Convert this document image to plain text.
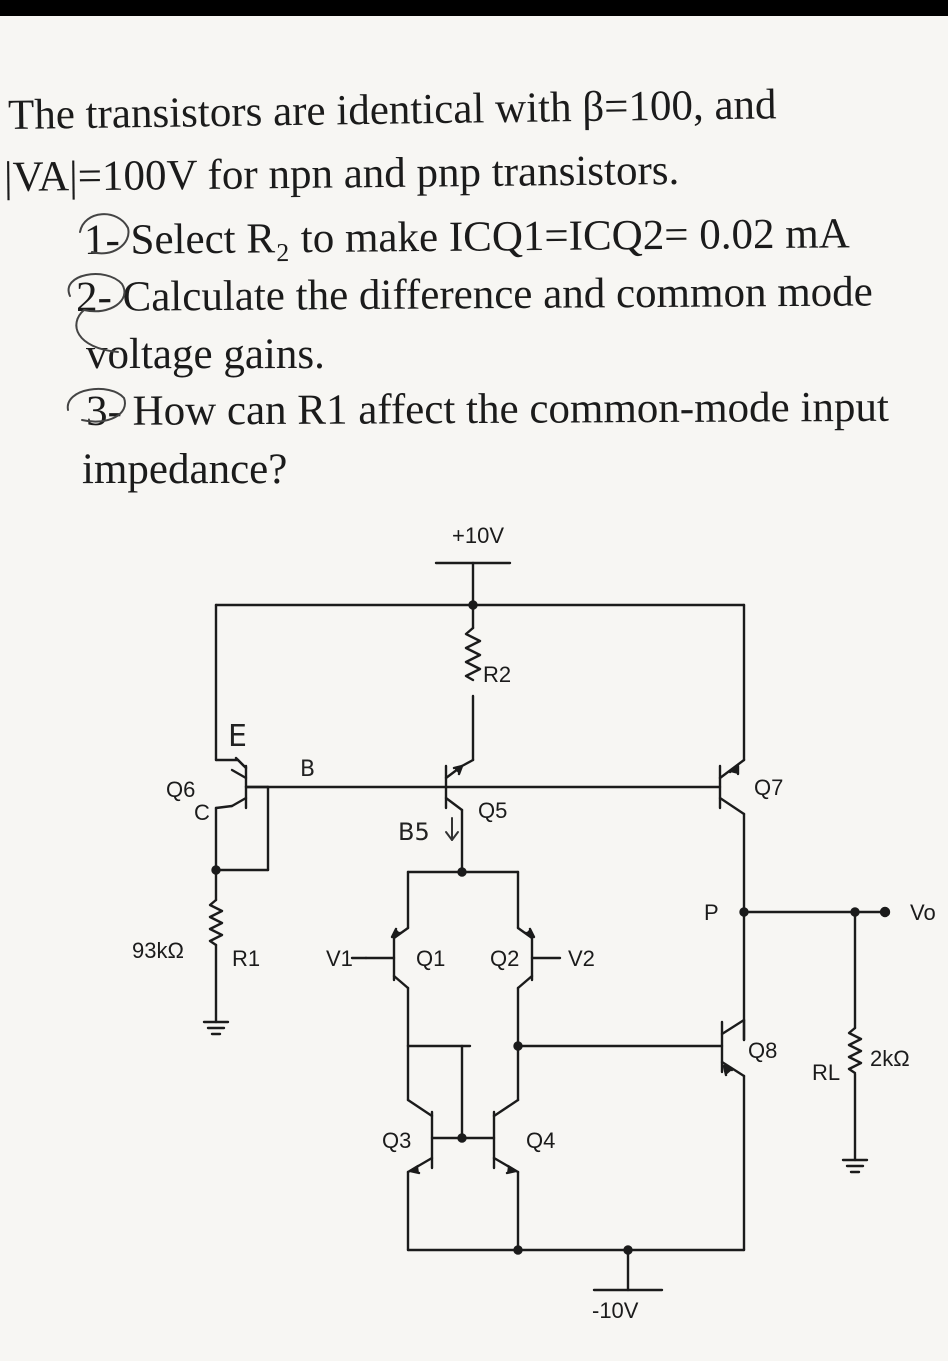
The transistors are identical with β=100, and
|VA|=100V for npn and pnp transistors.
1- Select R₂ to make ICQ1=ICQ2= 0.02 mA
2- Calculate the difference and common mode
voltage gains.
3- How can R1 affect the common-mode input
impedance?
+10V
R2
Q6
C	Q5
Q7
P	Vo
93kΩ R1	V1	Q1 Q2 V2
Q8
RL
2kΩ
Q3	Q4
-10V
E
B
B5
